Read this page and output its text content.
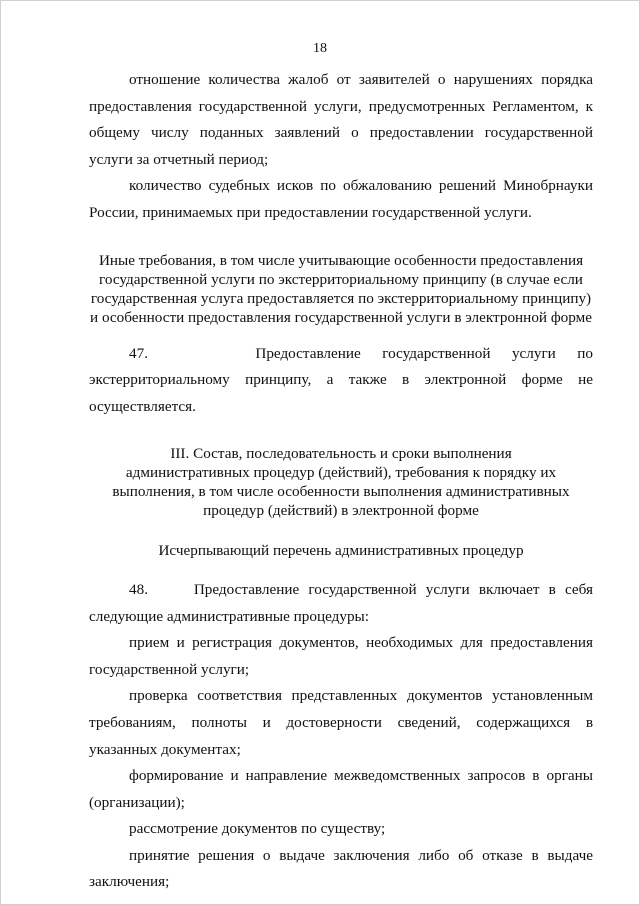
18

отношение количества жалоб от заявителей о нарушениях порядка предоставления государственной услуги, предусмотренных Регламентом, к общему числу поданных заявлений о предоставлении государственной услуги за отчетный период;

количество судебных исков по обжалованию решений Минобрнауки России, принимаемых при предоставлении государственной услуги.

Иные требования, в том числе учитывающие особенности предоставления
государственной услуги по экстерриториальному принципу (в случае если
государственная услуга предоставляется по экстерриториальному принципу)
и особенности предоставления государственной услуги в электронной форме

47.     Предоставление государственной услуги по экстерриториальному принципу, а также в электронной форме не осуществляется.

III. Состав, последовательность и сроки выполнения
административных процедур (действий), требования к порядку их
выполнения, в том числе особенности выполнения административных
процедур (действий) в электронной форме

Исчерпывающий перечень административных процедур

48.     Предоставление государственной услуги включает в себя следующие административные процедуры:

прием и регистрация документов, необходимых для предоставления государственной услуги;

проверка соответствия представленных документов установленным требованиям, полноты и достоверности сведений, содержащихся в указанных документах;

формирование и направление межведомственных запросов в органы (организации);

рассмотрение документов по существу;

принятие решения о выдаче заключения либо об отказе в выдаче заключения;
